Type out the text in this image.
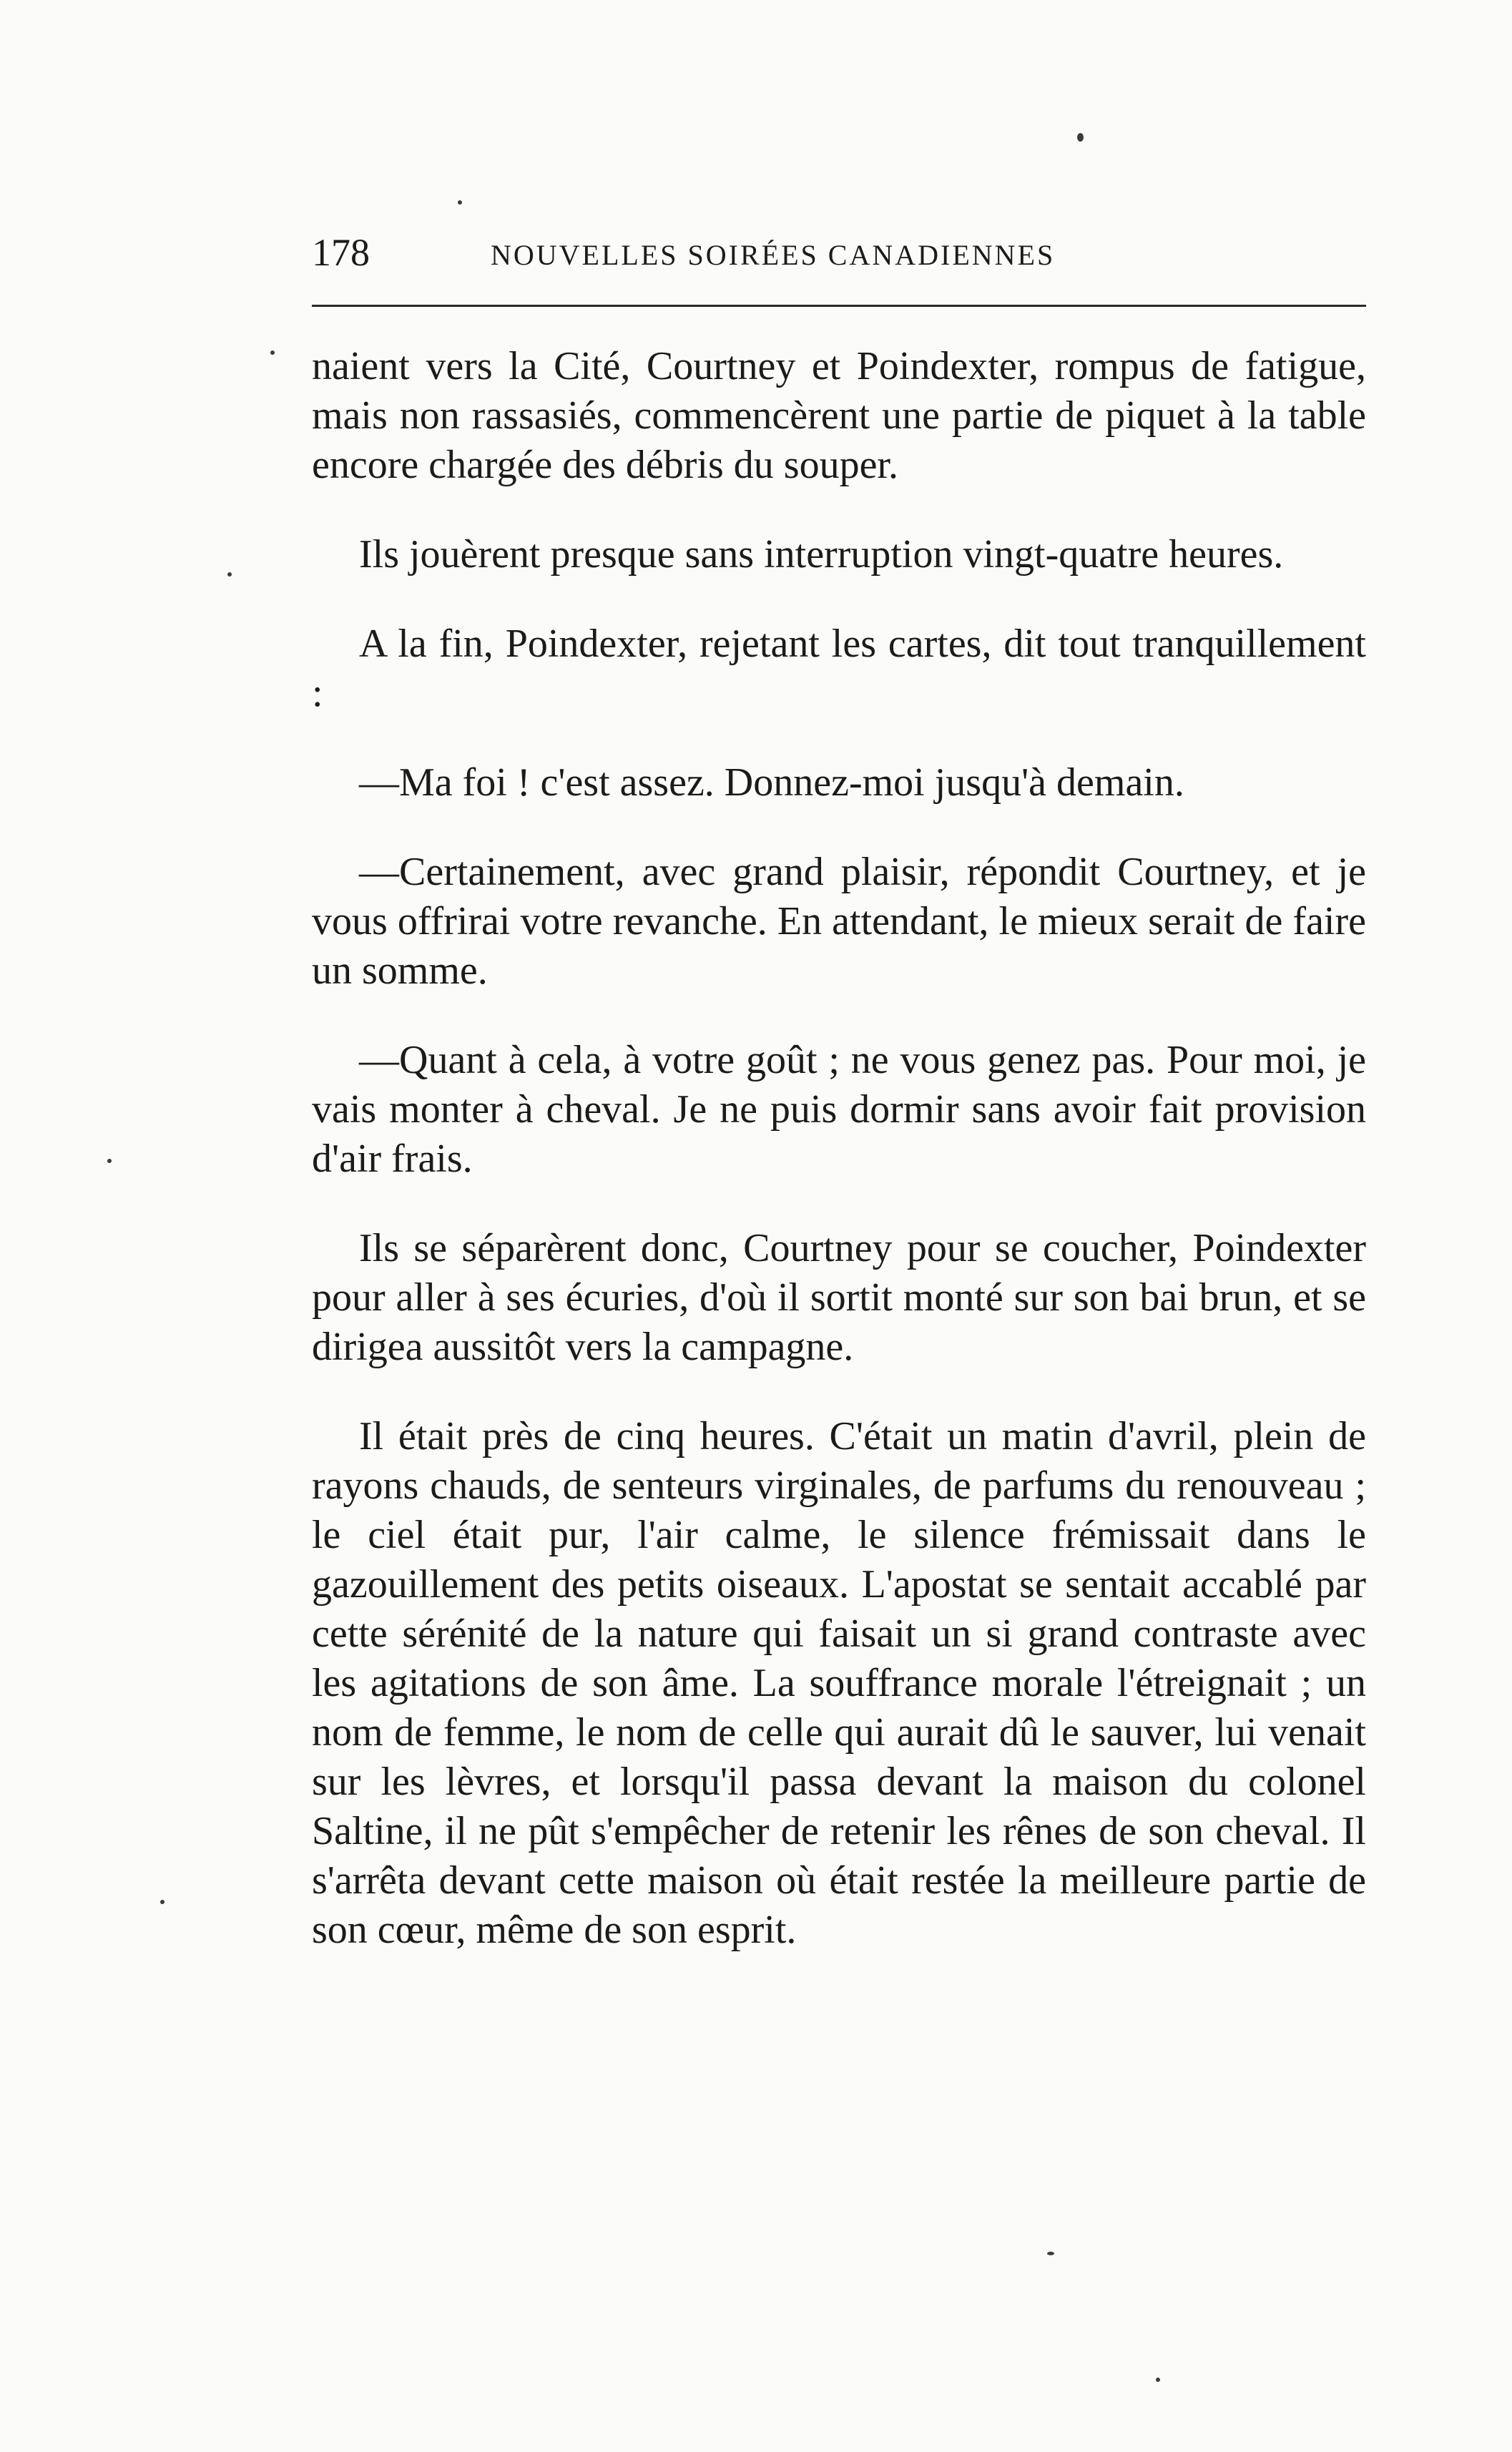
178	NOUVELLES SOIRÉES CANADIENNES

naient vers la Cité, Courtney et Poindexter, rompus de fatigue, mais non rassasiés, commencèrent une partie de piquet à la table encore chargée des débris du souper.

Ils jouèrent presque sans interruption vingt-quatre heures.

A la fin, Poindexter, rejetant les cartes, dit tout tranquillement :

—Ma foi ! c'est assez. Donnez-moi jusqu'à demain.

—Certainement, avec grand plaisir, répondit Courtney, et je vous offrirai votre revanche. En attendant, le mieux serait de faire un somme.

—Quant à cela, à votre goût ; ne vous genez pas. Pour moi, je vais monter à cheval. Je ne puis dormir sans avoir fait provision d'air frais.

Ils se séparèrent donc, Courtney pour se coucher, Poindexter pour aller à ses écuries, d'où il sortit monté sur son bai brun, et se dirigea aussitôt vers la campagne.

Il était près de cinq heures. C'était un matin d'avril, plein de rayons chauds, de senteurs virginales, de parfums du renouveau ; le ciel était pur, l'air calme, le silence frémissait dans le gazouillement des petits oiseaux. L'apostat se sentait accablé par cette sérénité de la nature qui faisait un si grand contraste avec les agitations de son âme. La souffrance morale l'étreignait ; un nom de femme, le nom de celle qui aurait dû le sauver, lui venait sur les lèvres, et lorsqu'il passa devant la maison du colonel Saltine, il ne pût s'empêcher de retenir les rênes de son cheval. Il s'arrêta devant cette maison où était restée la meilleure partie de son cœur, même de son esprit.
